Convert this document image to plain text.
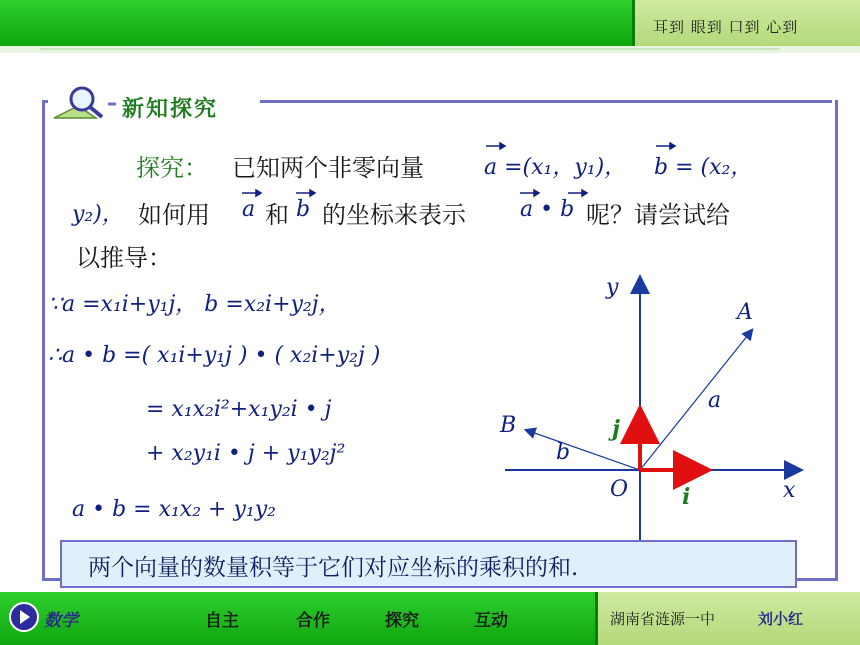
耳到 眼到 口到 心到
新知探究
探究： 已知两个非零向量	a =(x₁，y₁)， b = (x₂，
y₂)， 如何用 a 和 b 的坐标来表示 a • b 呢？请尝试给
以推导：
∵a =x₁i+y₁j， b =x₂i+y₂j，
∴a • b =( x₁i+y₁j ) • ( x₂i+y₂j )
= x₁x₂i²+x₁y₂i • j
+ x₂y₁i • j + y₁y₂j²
a • b = x₁x₂ + y₁y₂
y
x
O
A
B
a
b
i
j
两个向量的数量积等于它们对应坐标的乘积的和.
数学	自主	合作	探究	互动	湖南省涟源一中	刘小红
